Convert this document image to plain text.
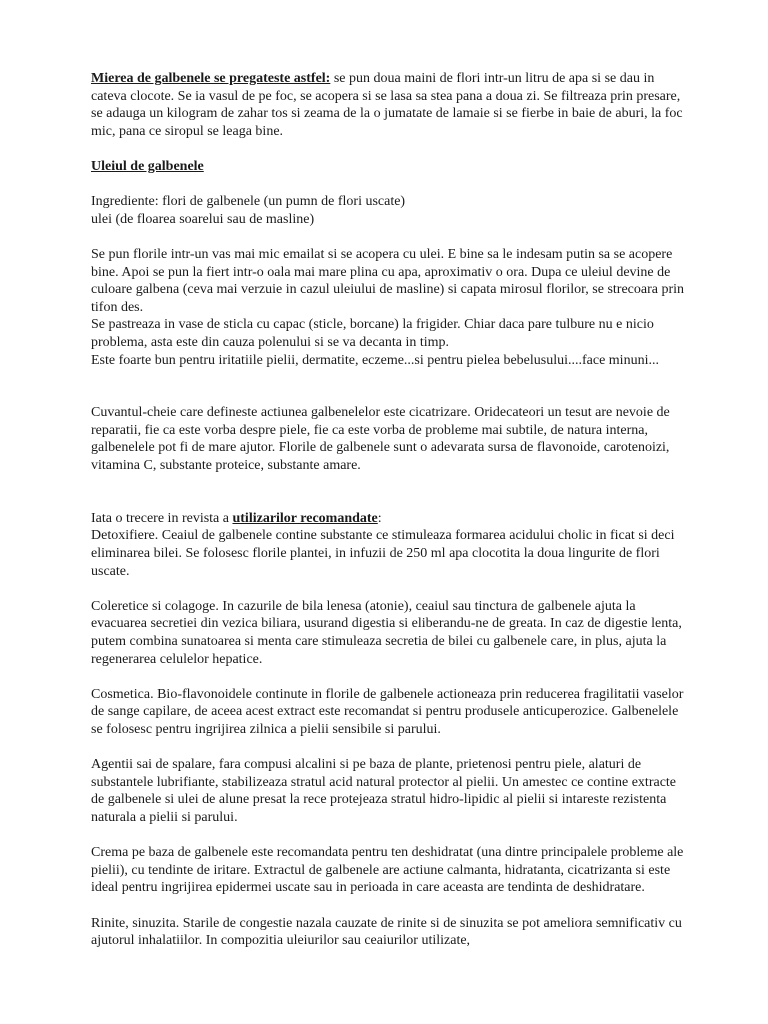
Mierea de galbenele se pregateste astfel: se pun doua maini de flori intr-un litru de apa si se dau in cateva clocote. Se ia vasul de pe foc, se acopera si se lasa sa stea pana a doua zi. Se filtreaza prin presare, se adauga un kilogram de zahar tos si zeama de la o jumatate de lamaie si se fierbe in baie de aburi, la foc mic, pana ce siropul se leaga bine.

Uleiul de galbenele

Ingrediente: flori de galbenele (un pumn de flori uscate)
ulei (de floarea soarelui sau de masline)

Se pun florile intr-un vas mai mic emailat si se acopera cu ulei. E bine sa le indesam putin sa se acopere bine. Apoi se pun la fiert intr-o oala mai mare plina cu apa, aproximativ o ora. Dupa ce uleiul devine de culoare galbena (ceva mai verzuie in cazul uleiului de masline) si capata mirosul florilor, se strecoara prin tifon des.
Se pastreaza in vase de sticla cu capac (sticle, borcane) la frigider. Chiar daca pare tulbure nu e nicio problema, asta este din cauza polenului si se va decanta in timp.
Este foarte bun pentru iritatiile pielii, dermatite, eczeme...si pentru pielea bebelusului....face minuni...

Cuvantul-cheie care defineste actiunea galbenelelor este cicatrizare. Oridecateori un tesut are nevoie de reparatii, fie ca este vorba despre piele, fie ca este vorba de probleme mai subtile, de natura interna, galbenelele pot fi de mare ajutor. Florile de galbenele sunt o adevarata sursa de flavonoide, carotenoizi, vitamina C, substante proteice, substante amare.

Iata o trecere in revista a utilizarilor recomandate:
Detoxifiere. Ceaiul de galbenele contine substante ce stimuleaza formarea acidului cholic in ficat si deci eliminarea bilei. Se folosesc florile plantei, in infuzii de 250 ml apa clocotita la doua lingurite de flori uscate.

Coleretice si colagoge. In cazurile de bila lenesa (atonie), ceaiul sau tinctura de galbenele ajuta la evacuarea secretiei din vezica biliara, usurand digestia si eliberandu-ne de greata. In caz de digestie lenta, putem combina sunatoarea si menta care stimuleaza secretia de bilei cu galbenele care, in plus, ajuta la regenerarea celulelor hepatice.

Cosmetica. Bio-flavonoidele continute in florile de galbenele actioneaza prin reducerea fragilitatii vaselor de sange capilare, de aceea acest extract este recomandat si pentru produsele anticuperozice. Galbenelele se folosesc pentru ingrijirea zilnica a pielii sensibile si parului.

Agentii sai de spalare, fara compusi alcalini si pe baza de plante, prietenosi pentru piele, alaturi de substantele lubrifiante, stabilizeaza stratul acid natural protector al pielii. Un amestec ce contine extracte de galbenele si ulei de alune presat la rece protejeaza stratul hidro-lipidic al pielii si intareste rezistenta naturala a pielii si parului.

Crema pe baza de galbenele este recomandata pentru ten deshidratat (una dintre principalele probleme ale pielii), cu tendinte de iritare. Extractul de galbenele are actiune calmanta, hidratanta, cicatrizanta si este ideal pentru ingrijirea epidermei uscate sau in perioada in care aceasta are tendinta de deshidratare.

Rinite, sinuzita. Starile de congestie nazala cauzate de rinite si de sinuzita se pot ameliora semnificativ cu ajutorul inhalatiilor. In compozitia uleiurilor sau ceaiurilor utilizate,
